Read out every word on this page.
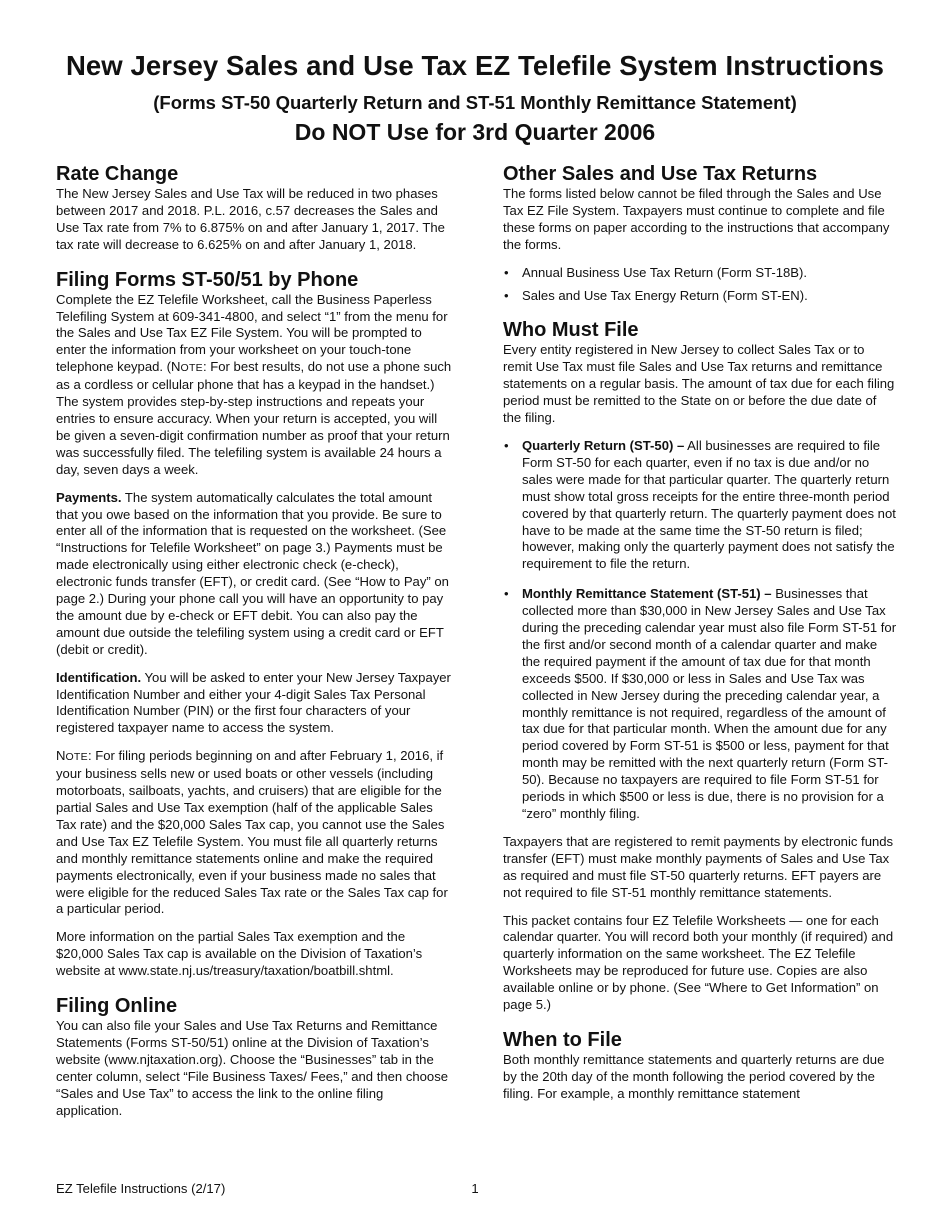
New Jersey Sales and Use Tax EZ Telefile System Instructions
(Forms ST-50 Quarterly Return and ST-51 Monthly Remittance Statement)
Do NOT Use for 3rd Quarter 2006
Rate Change

The New Jersey Sales and Use Tax will be reduced in two phases between 2017 and 2018. P.L. 2016, c.57 decreases the Sales and Use Tax rate from 7% to 6.875% on and after January 1, 2017. The tax rate will decrease to 6.625% on and after January 1, 2018.

Filing Forms ST-50/51 by Phone

Complete the EZ Telefile Worksheet, call the Business Paperless Telefiling System at 609-341-4800, and select “1” from the menu for the Sales and Use Tax EZ File System. You will be prompted to enter the information from your worksheet on your touch-tone telephone keypad. (NOTE: For best results, do not use a phone such as a cordless or cellular phone that has a keypad in the handset.) The system provides step-by-step instructions and repeats your entries to ensure accuracy. When your return is accepted, you will be given a seven-digit confirmation number as proof that your return was successfully filed. The telefiling system is available 24 hours a day, seven days a week.

Payments. The system automatically calculates the total amount that you owe based on the information that you provide. Be sure to enter all of the information that is requested on the worksheet. (See “Instructions for Telefile Worksheet” on page 3.) Payments must be made electronically using either electronic check (e-check), electronic funds transfer (EFT), or credit card. (See “How to Pay” on page 2.) During your phone call you will have an opportunity to pay the amount due by e-check or EFT debit. You can also pay the amount due outside the telefiling system using a credit card or EFT (debit or credit).

Identification. You will be asked to enter your New Jersey Taxpayer Identification Number and either your 4-digit Sales Tax Personal Identification Number (PIN) or the first four characters of your registered taxpayer name to access the system.

NOTE: For filing periods beginning on and after February 1, 2016, if your business sells new or used boats or other vessels (including motorboats, sailboats, yachts, and cruisers) that are eligible for the partial Sales and Use Tax exemption (half of the applicable Sales Tax rate) and the $20,000 Sales Tax cap, you cannot use the Sales and Use Tax EZ Telefile System. You must file all quarterly returns and monthly remittance statements online and make the required payments electronically, even if your business made no sales that were eligible for the reduced Sales Tax rate or the Sales Tax cap for a particular period.

More information on the partial Sales Tax exemption and the $20,000 Sales Tax cap is available on the Division of Taxation’s website at www.state.nj.us/treasury/taxation/boatbill.shtml.

Filing Online

You can also file your Sales and Use Tax Returns and Remittance Statements (Forms ST-50/51) online at the Division of Taxation’s website (www.njtaxation.org). Choose the “Businesses” tab in the center column, select “File Business Taxes/ Fees,” and then choose “Sales and Use Tax” to access the link to the online filing application.

Other Sales and Use Tax Returns

The forms listed below cannot be filed through the Sales and Use Tax EZ File System. Taxpayers must continue to complete and file these forms on paper according to the instructions that accompany the forms.

• Annual Business Use Tax Return (Form ST-18B).
• Sales and Use Tax Energy Return (Form ST-EN).
Who Must File

Every entity registered in New Jersey to collect Sales Tax or to remit Use Tax must file Sales and Use Tax returns and remittance statements on a regular basis. The amount of tax due for each filing period must be remitted to the State on or before the due date of the filing.

• Quarterly Return (ST-50) – All businesses are required to file Form ST-50 for each quarter, even if no tax is due and/or no sales were made for that particular quarter. The quarterly return must show total gross receipts for the entire three-month period covered by that quarterly return. The quarterly payment does not have to be made at the same time the ST-50 return is filed; however, making only the quarterly payment does not satisfy the requirement to file the return.
• Monthly Remittance Statement (ST-51) – Businesses that collected more than $30,000 in New Jersey Sales and Use Tax during the preceding calendar year must also file Form ST-51 for the first and/or second month of a calendar quarter and make the required payment if the amount of tax due for that month exceeds $500. If $30,000 or less in Sales and Use Tax was collected in New Jersey during the preceding calendar year, a monthly remittance is not required, regardless of the amount of tax due for that particular month. When the amount due for any period covered by Form ST-51 is $500 or less, payment for that month may be remitted with the next quarterly return (Form ST-50). Because no taxpayers are required to file Form ST-51 for periods in which $500 or less is due, there is no provision for a “zero” monthly filing.

Taxpayers that are registered to remit payments by electronic funds transfer (EFT) must make monthly payments of Sales and Use Tax as required and must file ST-50 quarterly returns. EFT payers are not required to file ST-51 monthly remittance statements.

This packet contains four EZ Telefile Worksheets — one for each calendar quarter. You will record both your monthly (if required) and quarterly information on the same worksheet. The EZ Telefile Worksheets may be reproduced for future use. Copies are also available online or by phone. (See “Where to Get Information” on page 5.)

When to File

Both monthly remittance statements and quarterly returns are due by the 20th day of the month following the period covered by the filing. For example, a monthly remittance statement

EZ Telefile Instructions (2/17)	1
